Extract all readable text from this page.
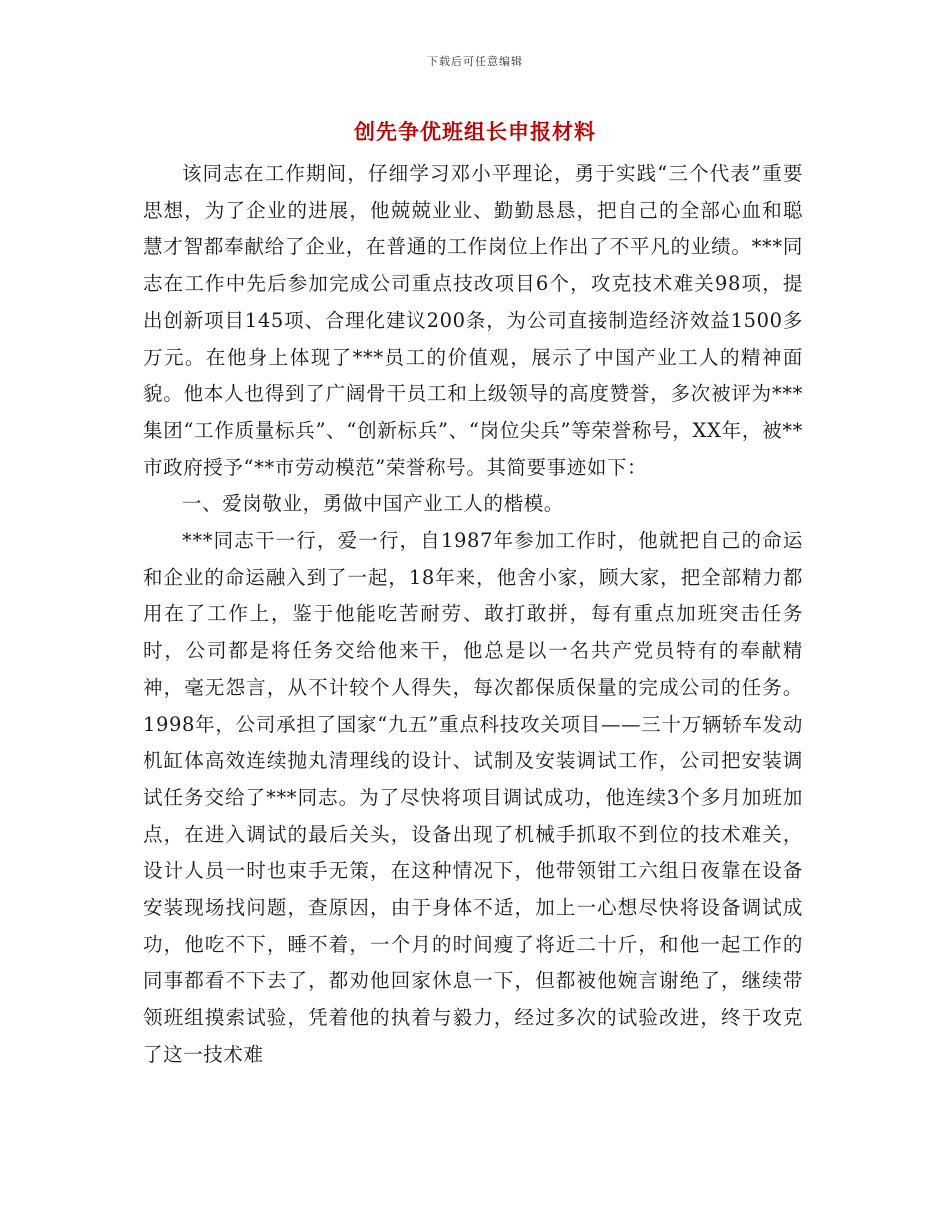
下载后可任意编辑
创先争优班组长申报材料

该同志在工作期间，仔细学习邓小平理论，勇于实践“三个代表”重要思想，为了企业的进展，他兢兢业业、勤勤恳恳，把自己的全部心血和聪慧才智都奉献给了企业，在普通的工作岗位上作出了不平凡的业绩。***同志在工作中先后参加完成公司重点技改项目6个，攻克技术难关98项，提出创新项目145项、合理化建议200条，为公司直接制造经济效益1500多万元。在他身上体现了***员工的价值观，展示了中国产业工人的精神面貌。他本人也得到了广阔骨干员工和上级领导的高度赞誉，多次被评为***集团“工作质量标兵”、“创新标兵”、“岗位尖兵”等荣誉称号，XX年，被**市政府授予“**市劳动模范”荣誉称号。其简要事迹如下：

一、爱岗敬业，勇做中国产业工人的楷模。

***同志干一行，爱一行，自1987年参加工作时，他就把自己的命运和企业的命运融入到了一起，18年来，他舍小家，顾大家，把全部精力都用在了工作上，鉴于他能吃苦耐劳、敢打敢拼，每有重点加班突击任务时，公司都是将任务交给他来干，他总是以一名共产党员特有的奉献精神，毫无怨言，从不计较个人得失，每次都保质保量的完成公司的任务。1998年，公司承担了国家“九五”重点科技攻关项目——三十万辆轿车发动机缸体高效连续抛丸清理线的设计、试制及安装调试工作，公司把安装调试任务交给了***同志。为了尽快将项目调试成功，他连续3个多月加班加点，在进入调试的最后关头，设备出现了机械手抓取不到位的技术难关，设计人员一时也束手无策，在这种情况下，他带领钳工六组日夜靠在设备安装现场找问题，查原因，由于身体不适，加上一心想尽快将设备调试成功，他吃不下，睡不着，一个月的时间瘦了将近二十斤，和他一起工作的同事都看不下去了，都劝他回家休息一下，但都被他婉言谢绝了，继续带领班组摸索试验，凭着他的执着与毅力，经过多次的试验改进，终于攻克了这一技术难
